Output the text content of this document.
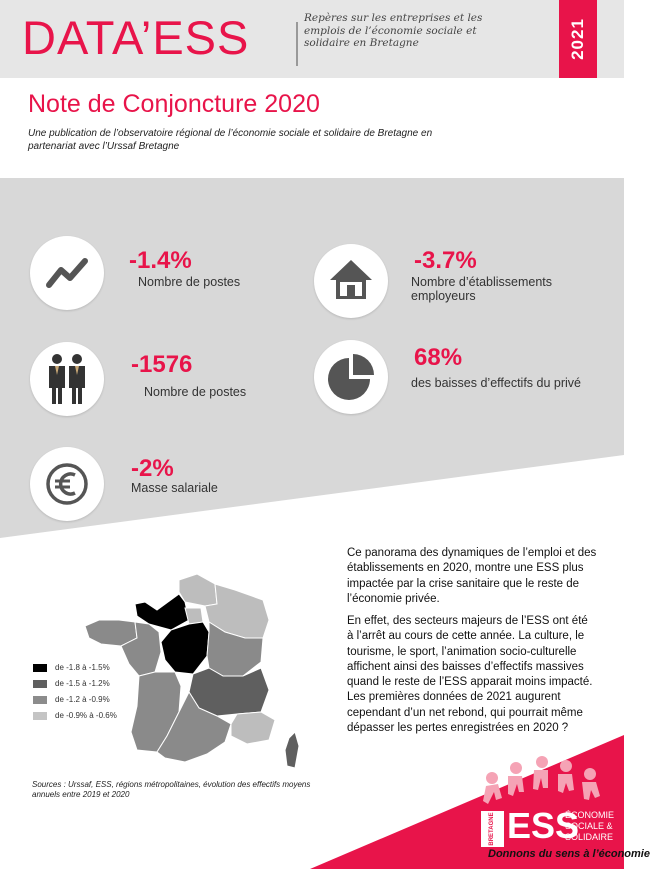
DATA’ESS	Repères sur les entreprises et les emplois de l’économie sociale et solidaire en Bretagne	2021
Note de Conjoncture 2020
Une publication de l’observatoire régional de l’économie sociale et solidaire de Bretagne en partenariat avec l’Urssaf Bretagne
-1.4%
Nombre de postes
-3.7%
Nombre d’établissements employeurs
-1576
Nombre de postes
68%
des baisses d’effectifs du privé
-2%
Masse salariale
Ce panorama des dynamiques de l’emploi et des établissements en 2020, montre une ESS plus impactée par la crise sanitaire que le reste de l’économie privée.
En effet, des secteurs majeurs de l’ESS ont été à l’arrêt au cours de cette année. La culture, le tourisme, le sport, l’animation socio-culturelle affichent ainsi des baisses d’effectifs massives quand le reste de l’ESS apparait moins impacté. Les premières données de 2021 augurent cependant d’un net rebond, qui pourrait même dépasser les pertes enregistrées en 2020 ?
de -1.8 à -1.5%
de -1.5 à -1.2%
de -1.2 à -0.9%
de -0.9% à -0.6%
Sources : Urssaf, ESS, régions métropolitaines, évolution des effectifs moyens annuels entre 2019 et 2020
BRETAGNE ESS
ÉCONOMIE
SOCIALE &
SOLIDAIRE
Donnons du sens à l’économie
